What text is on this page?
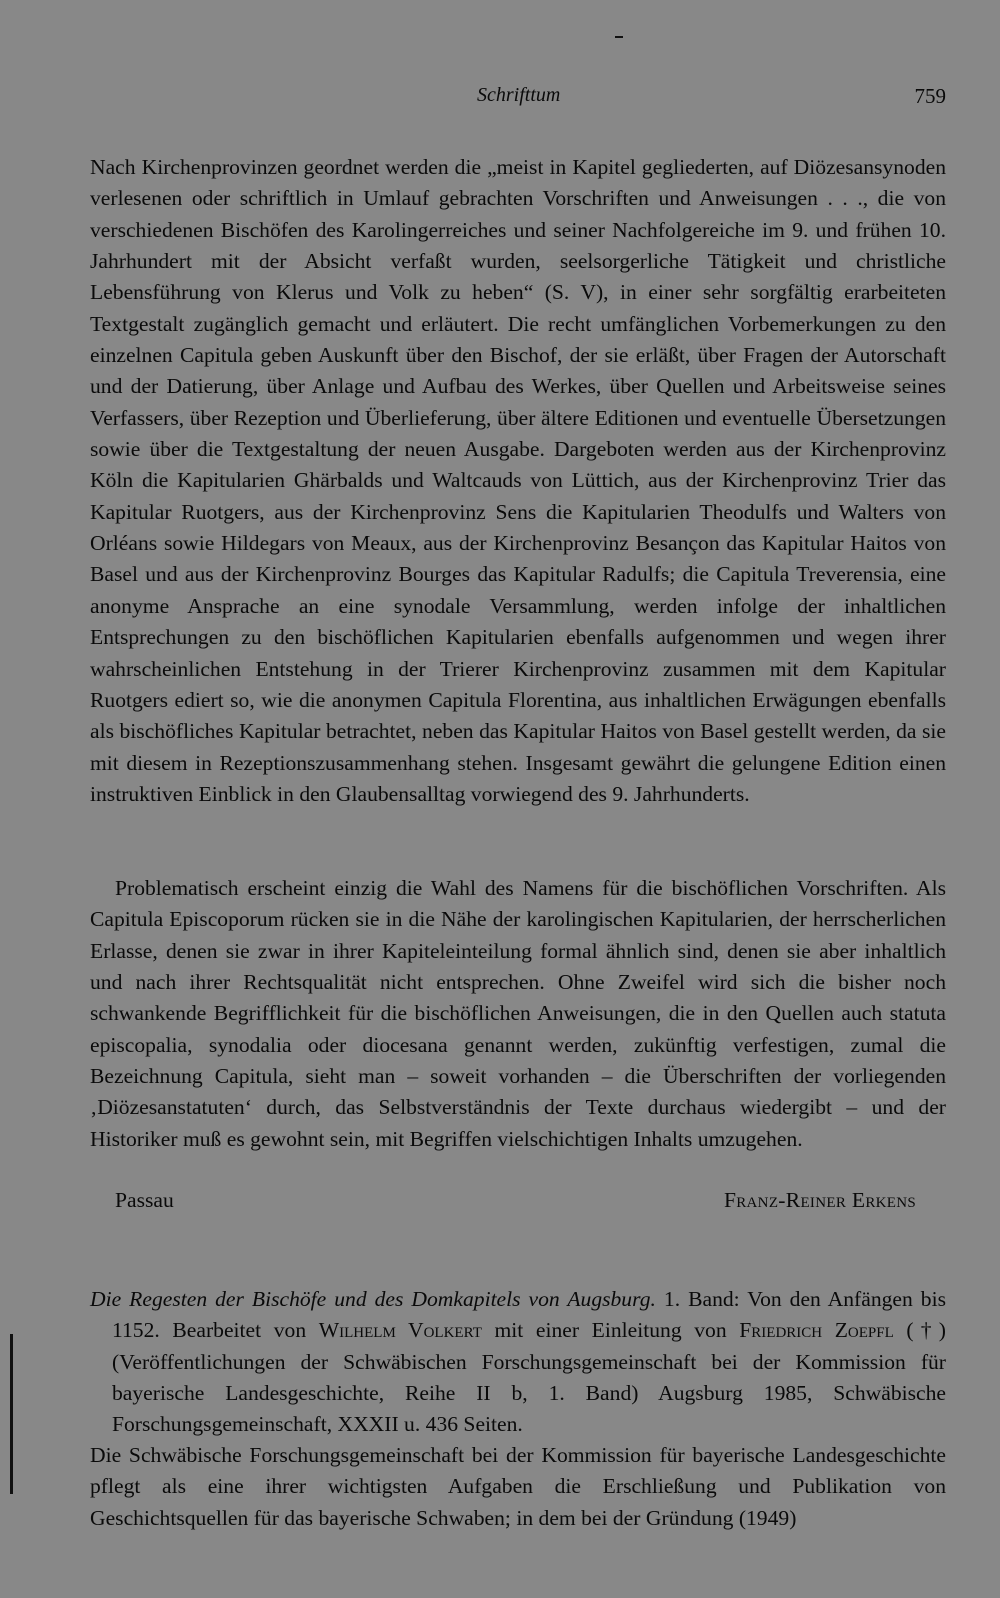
Schrifttum	759

Nach Kirchenprovinzen geordnet werden die „meist in Kapitel gegliederten, auf Diözesansynoden verlesenen oder schriftlich in Umlauf gebrachten Vorschriften und Anweisungen . . ., die von verschiedenen Bischöfen des Karolingerreiches und seiner Nachfolgereiche im 9. und frühen 10. Jahrhundert mit der Absicht verfaßt wurden, seelsorgerliche Tätigkeit und christliche Lebensführung von Klerus und Volk zu heben“ (S. V), in einer sehr sorgfältig erarbeiteten Textgestalt zugänglich gemacht und erläutert. Die recht umfänglichen Vorbemerkungen zu den einzelnen Capitula geben Auskunft über den Bischof, der sie erläßt, über Fragen der Autorschaft und der Datierung, über Anlage und Aufbau des Werkes, über Quellen und Arbeitsweise seines Verfassers, über Rezeption und Überlieferung, über ältere Editionen und eventuelle Übersetzungen sowie über die Textgestaltung der neuen Ausgabe. Dargeboten werden aus der Kirchenprovinz Köln die Kapitularien Ghärbalds und Waltcauds von Lüttich, aus der Kirchenprovinz Trier das Kapitular Ruotgers, aus der Kirchenprovinz Sens die Kapitularien Theodulfs und Walters von Orléans sowie Hildegars von Meaux, aus der Kirchenprovinz Besançon das Kapitular Haitos von Basel und aus der Kirchenprovinz Bourges das Kapitular Radulfs; die Capitula Treverensia, eine anonyme Ansprache an eine synodale Versammlung, werden infolge der inhaltlichen Entsprechungen zu den bischöflichen Kapitularien ebenfalls aufgenommen und wegen ihrer wahrscheinlichen Entstehung in der Trierer Kirchenprovinz zusammen mit dem Kapitular Ruotgers ediert so, wie die anonymen Capitula Florentina, aus inhaltlichen Erwägungen ebenfalls als bischöfliches Kapitular betrachtet, neben das Kapitular Haitos von Basel gestellt werden, da sie mit diesem in Rezeptionszusammenhang stehen. Insgesamt gewährt die gelungene Edition einen instruktiven Einblick in den Glaubensalltag vorwiegend des 9. Jahrhunderts.

Problematisch erscheint einzig die Wahl des Namens für die bischöflichen Vorschriften. Als Capitula Episcoporum rücken sie in die Nähe der karolingischen Kapitularien, der herrscherlichen Erlasse, denen sie zwar in ihrer Kapiteleinteilung formal ähnlich sind, denen sie aber inhaltlich und nach ihrer Rechtsqualität nicht entsprechen. Ohne Zweifel wird sich die bisher noch schwankende Begrifflichkeit für die bischöflichen Anweisungen, die in den Quellen auch statuta episcopalia, synodalia oder diocesana genannt werden, zukünftig verfestigen, zumal die Bezeichnung Capitula, sieht man – soweit vorhanden – die Überschriften der vorliegenden ‚Diözesanstatuten‘ durch, das Selbstverständnis der Texte durchaus wiedergibt – und der Historiker muß es gewohnt sein, mit Begriffen vielschichtigen Inhalts umzugehen.

Passau	Franz-Reiner Erkens

Die Regesten der Bischöfe und des Domkapitels von Augsburg. 1. Band: Von den Anfängen bis 1152. Bearbeitet von Wilhelm Volkert mit einer Einleitung von Friedrich Zoepfl (†) (Veröffentlichungen der Schwäbischen Forschungsgemeinschaft bei der Kommission für bayerische Landesgeschichte, Reihe II b, 1. Band) Augsburg 1985, Schwäbische Forschungsgemeinschaft, XXXII u. 436 Seiten.

Die Schwäbische Forschungsgemeinschaft bei der Kommission für bayerische Landesgeschichte pflegt als eine ihrer wichtigsten Aufgaben die Erschließung und Publikation von Geschichtsquellen für das bayerische Schwaben; in dem bei der Gründung (1949)
